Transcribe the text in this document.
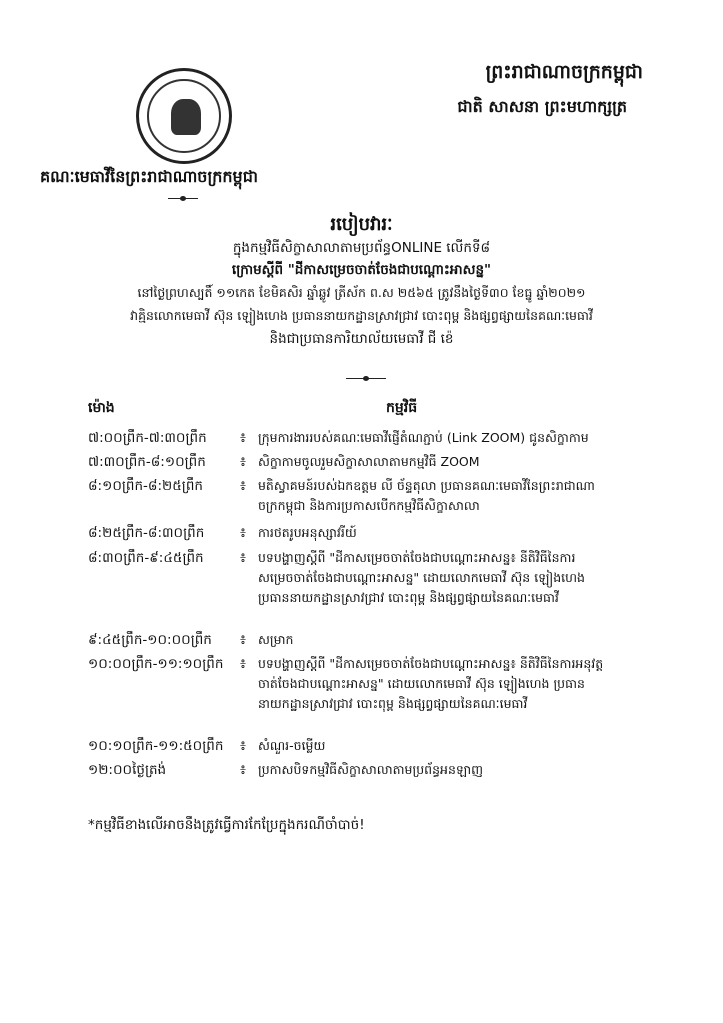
ព្រះរាជាណាចក្រកម្ពុជា
ជាតិ សាសនា ព្រះមហាក្សត្រ
គណៈមេធាវីនៃព្រះរាជាណាចក្រកម្ពុជា
របៀបវារៈ
ក្នុងកម្មវិធីសិក្ខាសាលាតាមប្រព័ន្ធONLINE លើកទី៨
ក្រោមស្តីពី "ដីកាសម្រេចចាត់ចែងជាបណ្តោះអាសន្ន"
នៅថ្ងៃព្រហស្បតិ៍ ១១កេត ខែមិគសិរ ឆ្នាំឆ្លូវ ត្រីស័ក ព.ស ២៥៦៥ ត្រូវនឹងថ្ងៃទី៣០ ខែធ្នូ ឆ្នាំ២០២១
វាគ្មិនលោកមេធាវី ស៊ុន ឡៀងហេង ប្រធាននាយកដ្ឋានស្រាវជ្រាវ បោះពុម្ព និងផ្សព្វផ្សាយនៃគណៈមេធាវី
និងជាប្រធានការិយាល័យមេធាវី ជី ខ៉េ
ម៉ោង	កម្មវិធី
៧:០០ព្រឹក-៧:៣០ព្រឹក	៖ ក្រុមការងាររបស់គណៈមេធាវីផ្ញើតំណភ្ជាប់ (Link ZOOM) ជូនសិក្ខាកាម
៧:៣០ព្រឹក-៨:១០ព្រឹក	៖ សិក្ខាកាមចូលរួមសិក្ខាសាលាតាមកម្មវិធី ZOOM
៨:១០ព្រឹក-៨:២៥ព្រឹក	៖ មតិស្វាគមន៍របស់ឯកឧត្តម លី ច័ន្ទតុលា ប្រធានគណៈមេធាវីនៃព្រះរាជាណា
ចក្រកម្ពុជា និងការប្រកាសបើកកម្មវិធីសិក្ខាសាលា
៨:២៥ព្រឹក-៨:៣០ព្រឹក	៖ ការថតរូបអនុស្សាវរីយ៍
៨:៣០ព្រឹក-៩:៤៥ព្រឹក	៖ បទបង្ហាញស្តីពី "ដីកាសម្រេចចាត់ចែងជាបណ្តោះអាសន្ន៖ នីតិវិធីនៃការ
សម្រេចចាត់ចែងជាបណ្តោះអាសន្ន" ដោយលោកមេធាវី ស៊ុន ឡៀងហេង
ប្រធាននាយកដ្ឋានស្រាវជ្រាវ បោះពុម្ព និងផ្សព្វផ្សាយនៃគណៈមេធាវី
៩:៤៥ព្រឹក-១០:០០ព្រឹក	៖ សម្រាក
១០:០០ព្រឹក-១១:១០ព្រឹក	៖ បទបង្ហាញស្តីពី "ដីកាសម្រេចចាត់ចែងជាបណ្តោះអាសន្ន៖ នីតិវិធីនៃការអនុវត្ត
ចាត់ចែងជាបណ្តោះអាសន្ន" ដោយលោកមេធាវី ស៊ុន ឡៀងហេង ប្រធាន
នាយកដ្ឋានស្រាវជ្រាវ បោះពុម្ព និងផ្សព្វផ្សាយនៃគណៈមេធាវី
១០:១០ព្រឹក-១១:៥០ព្រឹក	៖ សំណួរ-ចម្លើយ
១២:០០ថ្ងៃត្រង់	៖ ប្រកាសបិទកម្មវិធីសិក្ខាសាលាតាមប្រព័ន្ធអនឡាញ
*កម្មវិធីខាងលើអាចនឹងត្រូវធ្វើការកែប្រែក្នុងករណីចាំបាច់!
